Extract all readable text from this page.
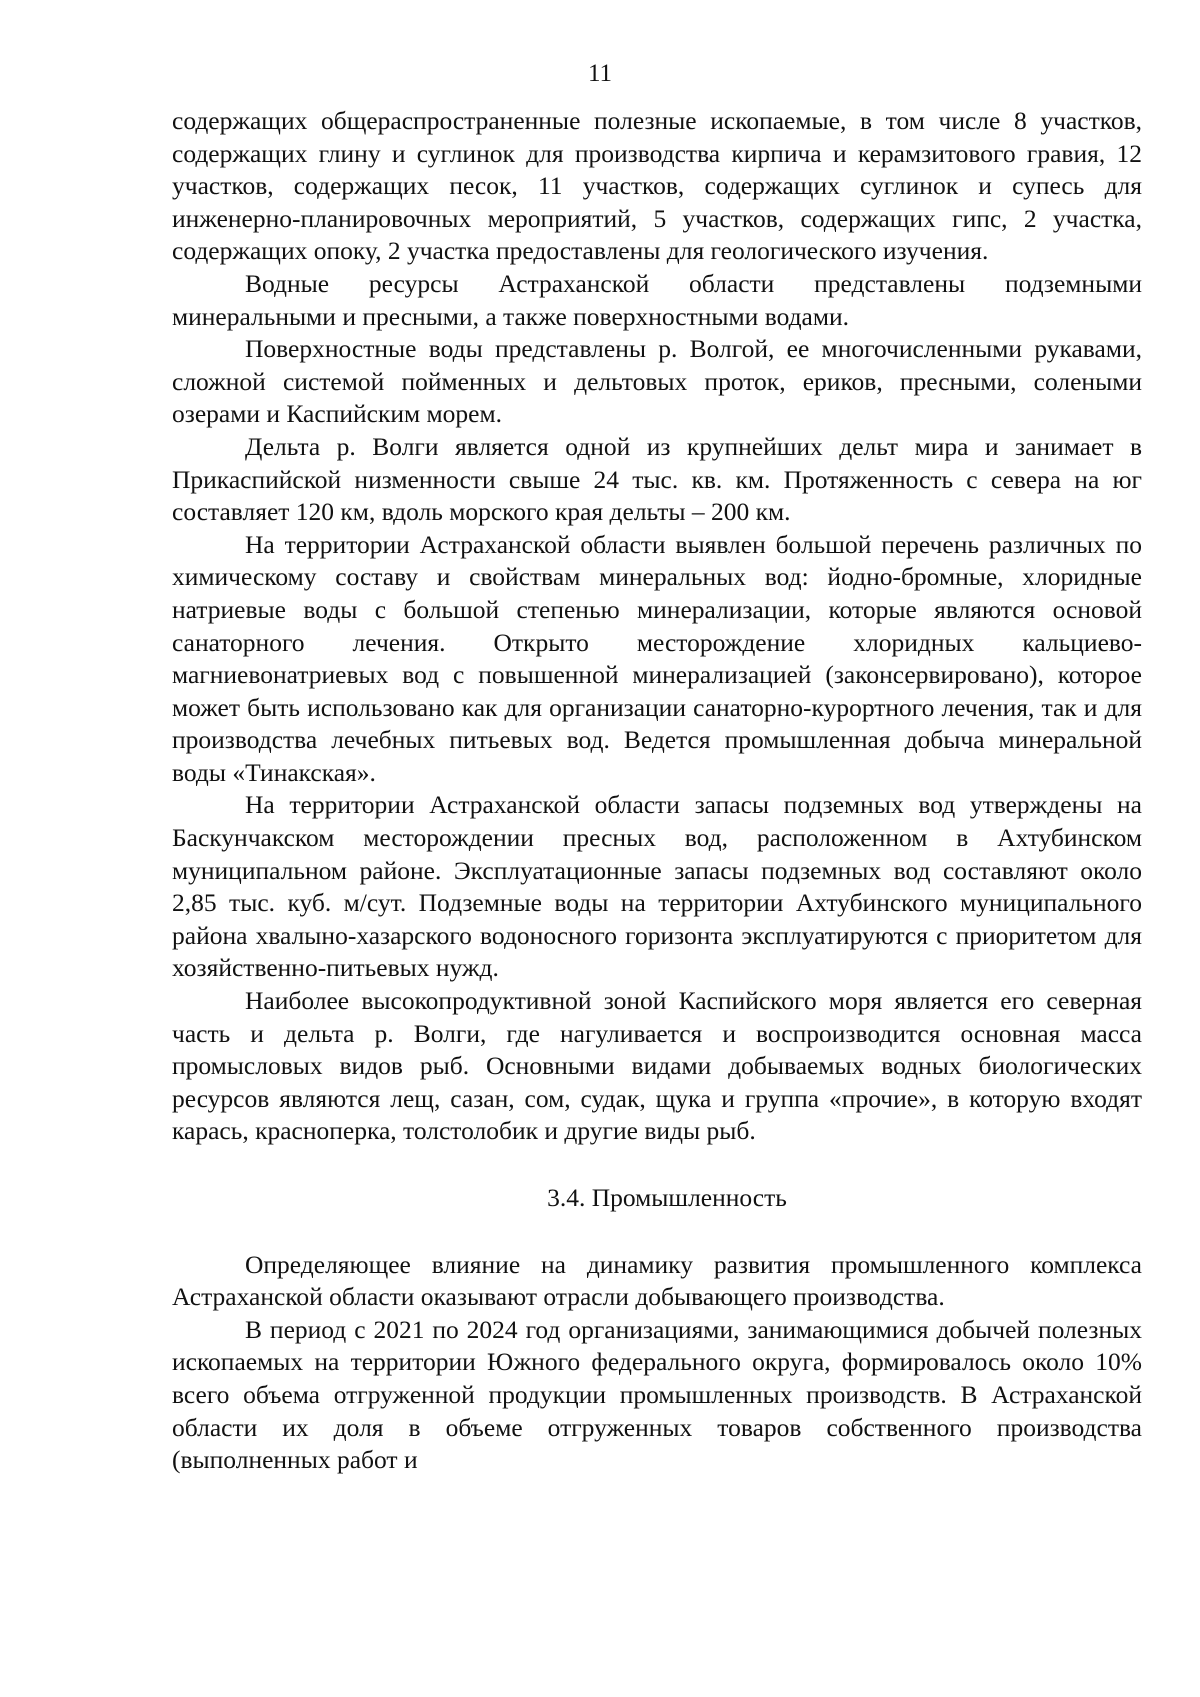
11

содержащих общераспространенные полезные ископаемые, в том числе 8 участков, содержащих глину и суглинок для производства кирпича и керамзитового гравия, 12 участков, содержащих песок, 11 участков, содержащих суглинок и супесь для инженерно-планировочных мероприятий, 5 участков, содержащих гипс, 2 участка, содержащих опоку, 2 участка предоставлены для геологического изучения.

Водные ресурсы Астраханской области представлены подземными минеральными и пресными, а также поверхностными водами.

Поверхностные воды представлены р. Волгой, ее многочисленными рукавами, сложной системой пойменных и дельтовых проток, ериков, пресными, солеными озерами и Каспийским морем.

Дельта р. Волги является одной из крупнейших дельт мира и занимает в Прикаспийской низменности свыше 24 тыс. кв. км. Протяженность с севера на юг составляет 120 км, вдоль морского края дельты – 200 км.

На территории Астраханской области выявлен большой перечень различных по химическому составу и свойствам минеральных вод: йодно-бромные, хлоридные натриевые воды с большой степенью минерализации, которые являются основой санаторного лечения. Открыто месторождение хлоридных кальциево-магниевонатриевых вод с повышенной минерализацией (законсервировано), которое может быть использовано как для организации санаторно-курортного лечения, так и для производства лечебных питьевых вод. Ведется промышленная добыча минеральной воды «Тинакская».

На территории Астраханской области запасы подземных вод утверждены на Баскунчакском месторождении пресных вод, расположенном в Ахтубинском муниципальном районе. Эксплуатационные запасы подземных вод составляют около 2,85 тыс. куб. м/сут. Подземные воды на территории Ахтубинского муниципального района хвалыно-хазарского водоносного горизонта эксплуатируются с приоритетом для хозяйственно-питьевых нужд.

Наиболее высокопродуктивной зоной Каспийского моря является его северная часть и дельта р. Волги, где нагуливается и воспроизводится основная масса промысловых видов рыб. Основными видами добываемых водных биологических ресурсов являются лещ, сазан, сом, судак, щука и группа «прочие», в которую входят карась, красноперка, толстолобик и другие виды рыб.

3.4. Промышленность

Определяющее влияние на динамику развития промышленного комплекса Астраханской области оказывают отрасли добывающего производства.

В период с 2021 по 2024 год организациями, занимающимися добычей полезных ископаемых на территории Южного федерального округа, формировалось около 10% всего объема отгруженной продукции промышленных производств. В Астраханской области их доля в объеме отгруженных товаров собственного производства (выполненных работ и
